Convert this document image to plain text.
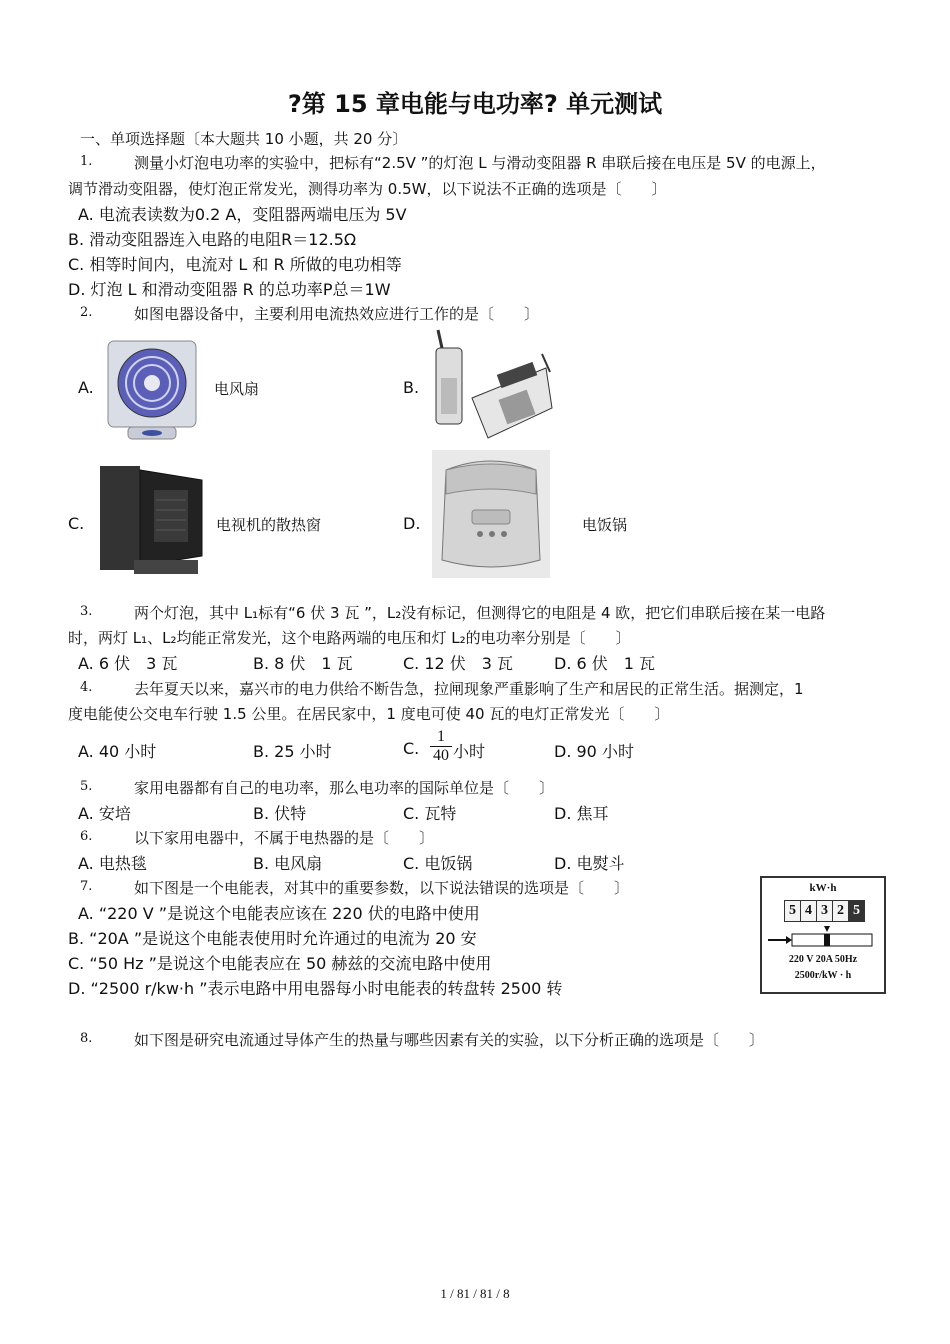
?第 15 章电能与电功率? 单元测试
一、单项选择题〔本大题共 10 小题，共 20 分〕
1.	测量小灯泡电功率的实验中，把标有“2.5V ”的灯泡 L 与滑动变阻器 R 串联后接在电压是 5V 的电源上，
调节滑动变阻器，使灯泡正常发光，测得功率为 0.5W，以下说法不正确的选项是〔　　〕
A. 电流表读数为0.2 A，变阻器两端电压为 5V
B. 滑动变阻器连入电路的电阻R＝12.5Ω
C. 相等时间内，电流对 L 和 R 所做的电功相等
D. 灯泡 L 和滑动变阻器 R 的总功率P总＝1W
2.	如图电器设备中，主要利用电流热效应进行工作的是〔　　〕
A.	电风扇	B.
C.	电视机的散热窗	D.	电饭锅
3.	两个灯泡，其中 L₁标有“6 伏 3 瓦 ”，L₂没有标记，但测得它的电阻是 4 欧，把它们串联后接在某一电路
时，两灯 L₁、L₂均能正常发光，这个电路两端的电压和灯 L₂的电功率分别是〔　　〕
A. 6 伏　3 瓦	B. 8 伏　1 瓦	C. 12 伏　3 瓦	D. 6 伏　1 瓦
4.	去年夏天以来，嘉兴市的电力供给不断告急，拉闸现象严重影响了生产和居民的正常生活。据测定，1
度电能使公交电车行驶 1.5 公里。在居民家中，1 度电可使 40 瓦的电灯正常发光〔　　〕
A. 40 小时	B. 25 小时	C. $\frac{1}{40}$ 小时	D. 90 小时
5.	家用电器都有自己的电功率，那么电功率的国际单位是〔　　〕
A. 安培	B. 伏特	C. 瓦特	D. 焦耳
6.	以下家用电器中，不属于电热器的是〔　　〕
A. 电热毯	B. 电风扇	C. 电饭锅	D. 电熨斗
7.	如下图是一个电能表，对其中的重要参数，以下说法错误的选项是〔　　〕
A. “220 V ”是说这个电能表应该在 220 伏的电路中使用
B. “20A ”是说这个电能表使用时允许通过的电流为 20 安
C. “50 Hz ”是说这个电能表应在 50 赫兹的交流电路中使用
D. “2500 r/kw·h ”表示电路中用电器每小时电能表的转盘转 2500 转
kW·h
5 4 3 2 5
220 V 20A 50Hz
2500r/kW · h
8.	如下图是研究电流通过导体产生的热量与哪些因素有关的实验，以下分析正确的选项是〔　　〕
1 / 81 / 81 / 8
